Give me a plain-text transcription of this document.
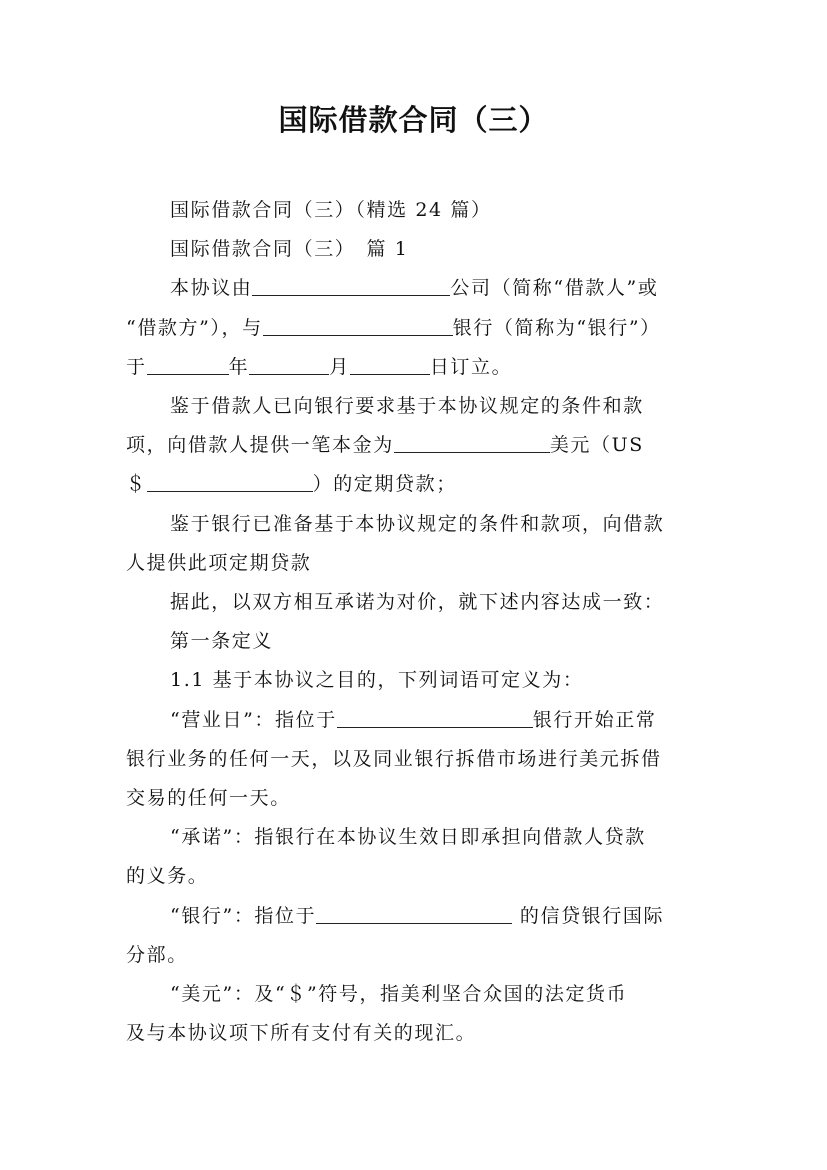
国际借款合同（三）
国际借款合同（三）（精选 24 篇）
国际借款合同（三）　篇 1
本协议由	公司（简称“借款人”或
“借款方”），与	银行（简称为“银行”）
于	年	月	日订立。
鉴于借款人已向银行要求基于本协议规定的条件和款
项，向借款人提供一笔本金为	美元（US
＄	）的定期贷款；
鉴于银行已准备基于本协议规定的条件和款项，向借款
人提供此项定期贷款
据此，以双方相互承诺为对价，就下述内容达成一致：
第一条定义
1.1 基于本协议之目的，下列词语可定义为：
“营业日”：指位于	银行开始正常
银行业务的任何一天，以及同业银行拆借市场进行美元拆借
交易的任何一天。
“承诺”：指银行在本协议生效日即承担向借款人贷款
的义务。
“银行”：指位于	的信贷银行国际
分部。
“美元”：及“＄”符号，指美利坚合众国的法定货币
及与本协议项下所有支付有关的现汇。
